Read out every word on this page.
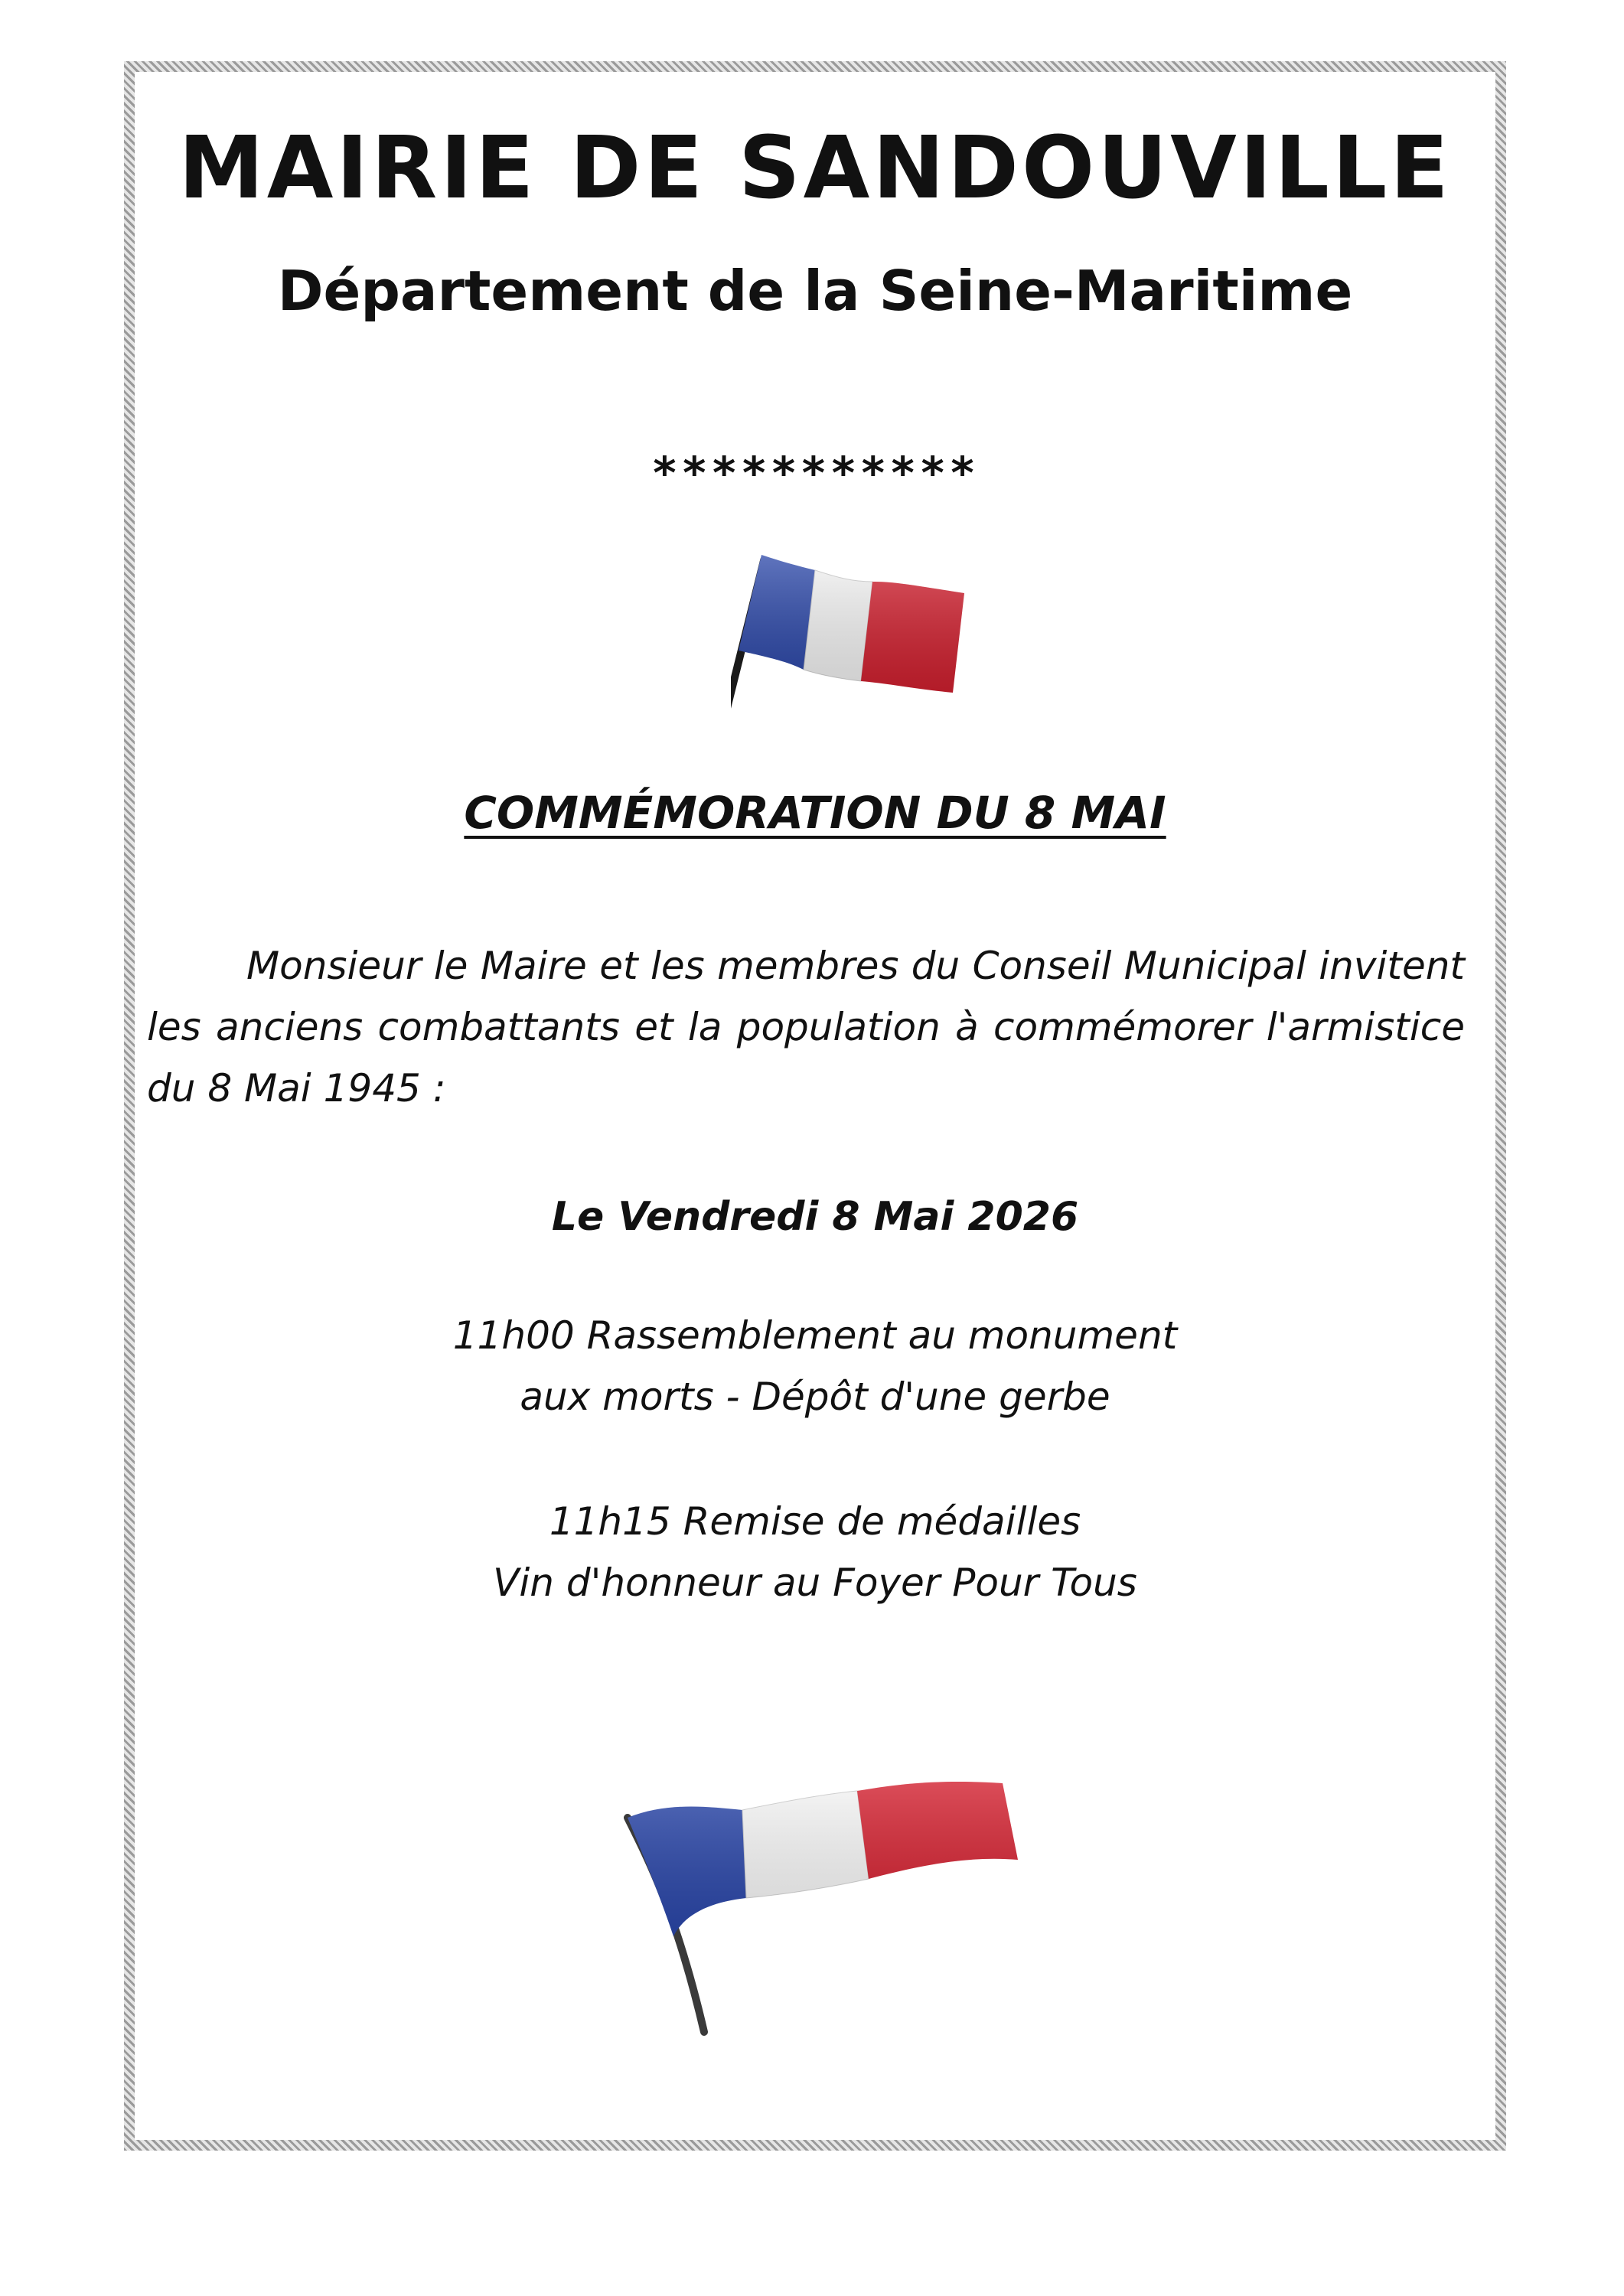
MAIRIE DE SANDOUVILLE
Département de la Seine-Maritime
***********
COMMÉMORATION DU 8 MAI

Monsieur le Maire et les membres du Conseil Municipal invitent les anciens combattants et la population à commémorer l'armistice du 8 Mai 1945 :

Le Vendredi 8 Mai 2026
11h00 Rassemblement au monument
aux morts - Dépôt d'une gerbe
11h15 Remise de médailles
Vin d'honneur au Foyer Pour Tous
